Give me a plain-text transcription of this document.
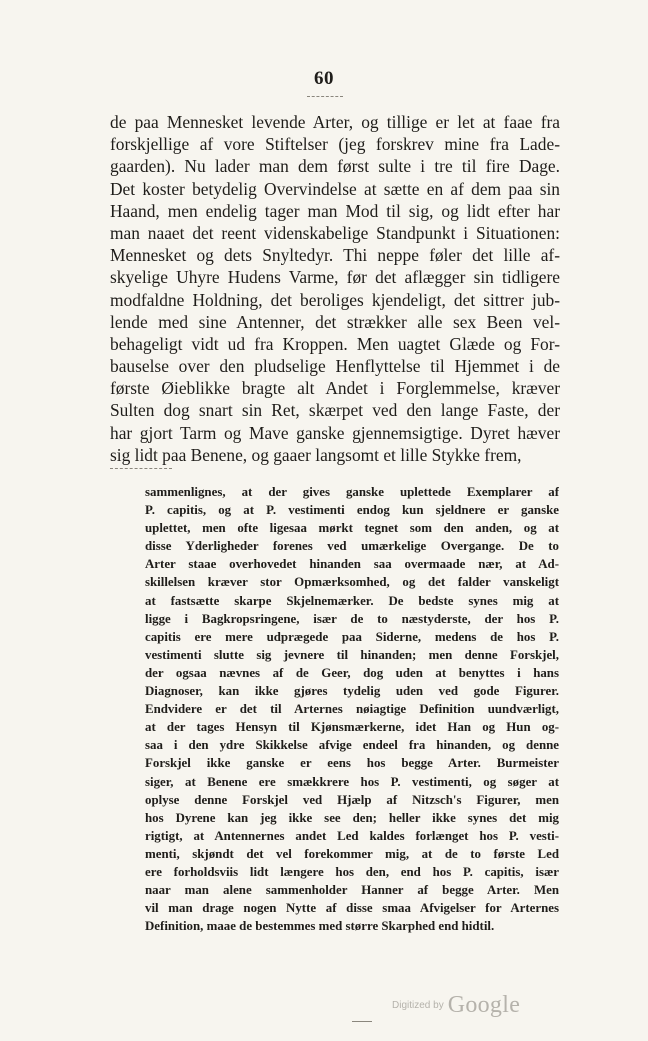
60
de paa Mennesket levende Arter, og tillige er let at faae fra
forskjellige af vore Stiftelser (jeg forskrev mine fra Lade-
gaarden). Nu lader man dem først sulte i tre til fire Dage.
Det koster betydelig Overvindelse at sætte en af dem paa sin
Haand, men endelig tager man Mod til sig, og lidt efter har
man naaet det reent videnskabelige Standpunkt i Situationen:
Mennesket og dets Snyltedyr. Thi neppe føler det lille af-
skyelige Uhyre Hudens Varme, før det aflægger sin tidligere
modfaldne Holdning, det beroliges kjendeligt, det sittrer jub-
lende med sine Antenner, det strækker alle sex Been vel-
behageligt vidt ud fra Kroppen. Men uagtet Glæde og For-
bauselse over den pludselige Henflyttelse til Hjemmet i de
første Øieblikke bragte alt Andet i Forglemmelse, kræver
Sulten dog snart sin Ret, skærpet ved den lange Faste, der
har gjort Tarm og Mave ganske gjennemsigtige. Dyret hæver
sig lidt paa Benene, og gaaer langsomt et lille Stykke frem,
sammenlignes, at der gives ganske uplettede Exemplarer af
P. capitis, og at P. vestimenti endog kun sjeldnere er ganske
uplettet, men ofte ligesaa mørkt tegnet som den anden, og at
disse Yderligheder forenes ved umærkelige Overgange. De to
Arter staae overhovedet hinanden saa overmaade nær, at Ad-
skillelsen kræver stor Opmærksomhed, og det falder vanskeligt
at fastsætte skarpe Skjelnemærker. De bedste synes mig at
ligge i Bagkropsringene, især de to næstyderste, der hos P.
capitis ere mere udprægede paa Siderne, medens de hos P.
vestimenti slutte sig jevnere til hinanden; men denne Forskjel,
der ogsaa nævnes af de Geer, dog uden at benyttes i hans
Diagnoser, kan ikke gjøres tydelig uden ved gode Figurer.
Endvidere er det til Arternes nøiagtige Definition uundværligt,
at der tages Hensyn til Kjønsmærkerne, idet Han og Hun og-
saa i den ydre Skikkelse afvige endeel fra hinanden, og denne
Forskjel ikke ganske er eens hos begge Arter. Burmeister
siger, at Benene ere smækkrere hos P. vestimenti, og søger at
oplyse denne Forskjel ved Hjælp af Nitzsch's Figurer, men
hos Dyrene kan jeg ikke see den; heller ikke synes det mig
rigtigt, at Antennernes andet Led kaldes forlænget hos P. vesti-
menti, skjøndt det vel forekommer mig, at de to første Led
ere forholdsviis lidt længere hos den, end hos P. capitis, især
naar man alene sammenholder Hanner af begge Arter. Men
vil man drage nogen Nytte af disse smaa Afvigelser for Arternes
Definition, maae de bestemmes med større Skarphed end hidtil.
Digitized by Google
